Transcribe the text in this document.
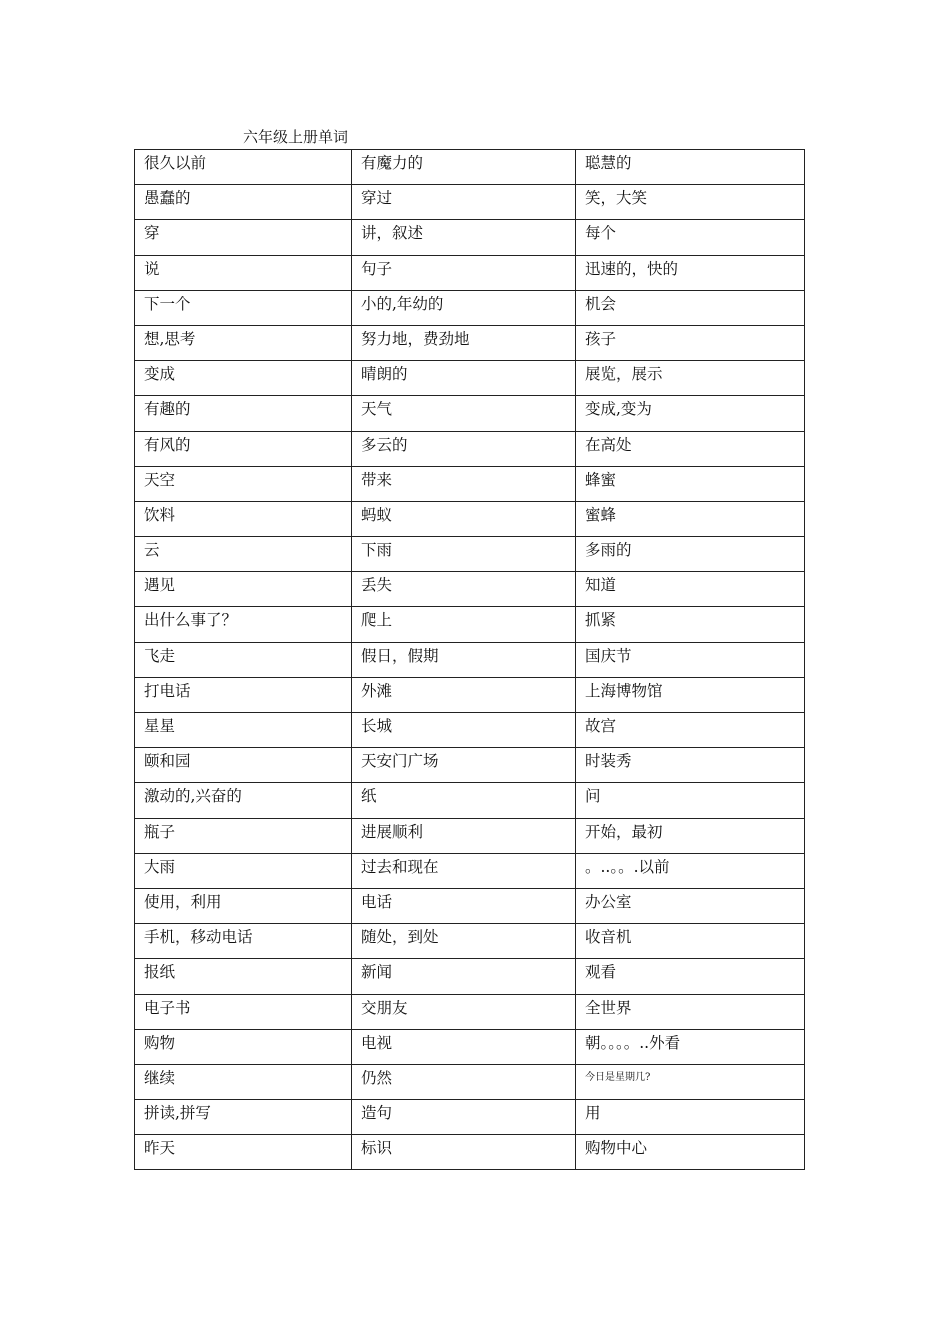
六年级上册单词
很久以前	有魔力的	聪慧的
愚蠢的	穿过	笑，大笑
穿	讲，叙述	每个
说	句子	迅速的，快的
下一个	小的,年幼的	机会
想,思考	努力地，费劲地	孩子
变成	晴朗的	展览，展示
有趣的	天气	变成,变为
有风的	多云的	在高处
天空	带来	蜂蜜
饮料	蚂蚁	蜜蜂
云	下雨	多雨的
遇见	丢失	知道
出什么事了？	爬上	抓紧
飞走	假日，假期	国庆节
打电话	外滩	上海博物馆
星星	长城	故宫
颐和园	天安门广场	时装秀
激动的,兴奋的	纸	问
瓶子	进展顺利	开始，最初
大雨	过去和现在	。..。。.以前
使用，利用	电话	办公室
手机，移动电话	随处，到处	收音机
报纸	新闻	观看
电子书	交朋友	全世界
购物	电视	朝。。。。..外看
继续	仍然	今日是星期几?
拼读,拼写	造句	用
昨天	标识	购物中心
